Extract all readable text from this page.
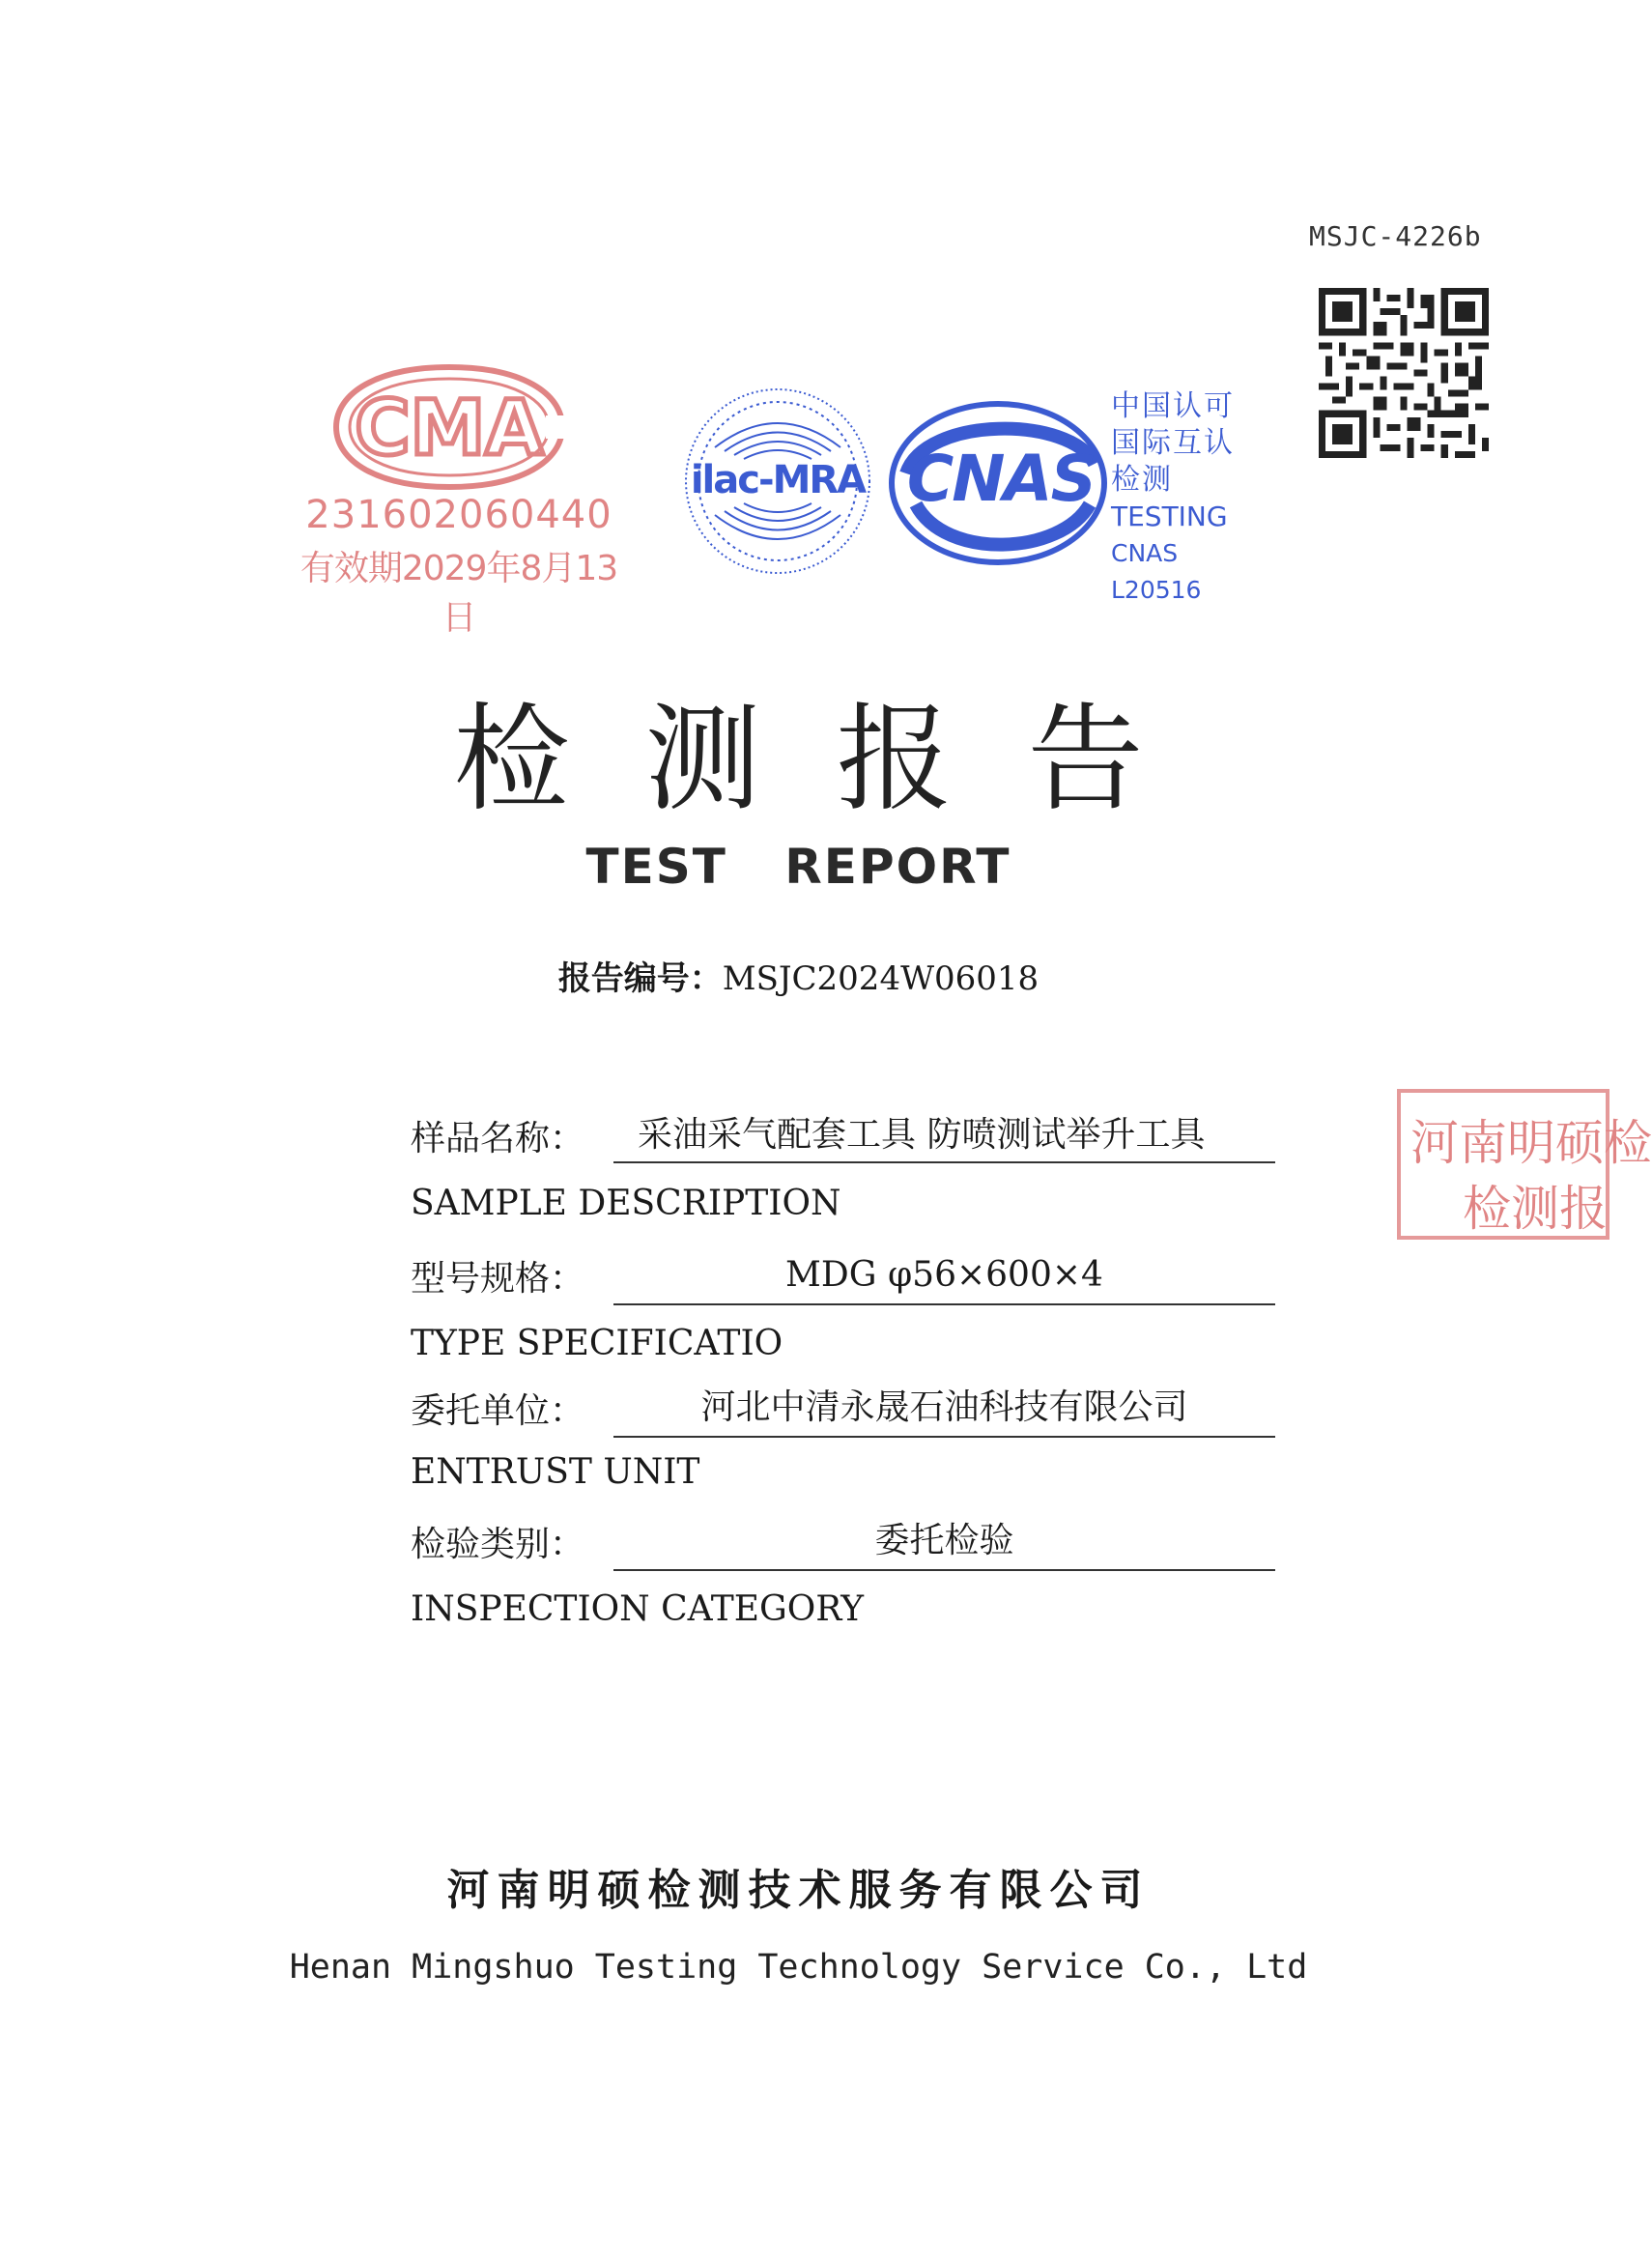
MSJC-4226b
CMA
231602060440
有效期2029年8月13日
ilac-MRA CNAS
中国认可
国际互认
检测
TESTING
CNAS L20516
检测报告
TEST REPORT
报告编号：MSJC2024W06018
样品名称：	采油采气配套工具 防喷测试举升工具
SAMPLE DESCRIPTION
型号规格：	MDG φ56×600×4
TYPE SPECIFICATIO
委托单位：	河北中清永晟石油科技有限公司
ENTRUST UNIT
检验类别：	委托检验
INSPECTION CATEGORY
河南明硕检
检测报
河南明硕检测技术服务有限公司
Henan Mingshuo Testing Technology Service Co., Ltd
